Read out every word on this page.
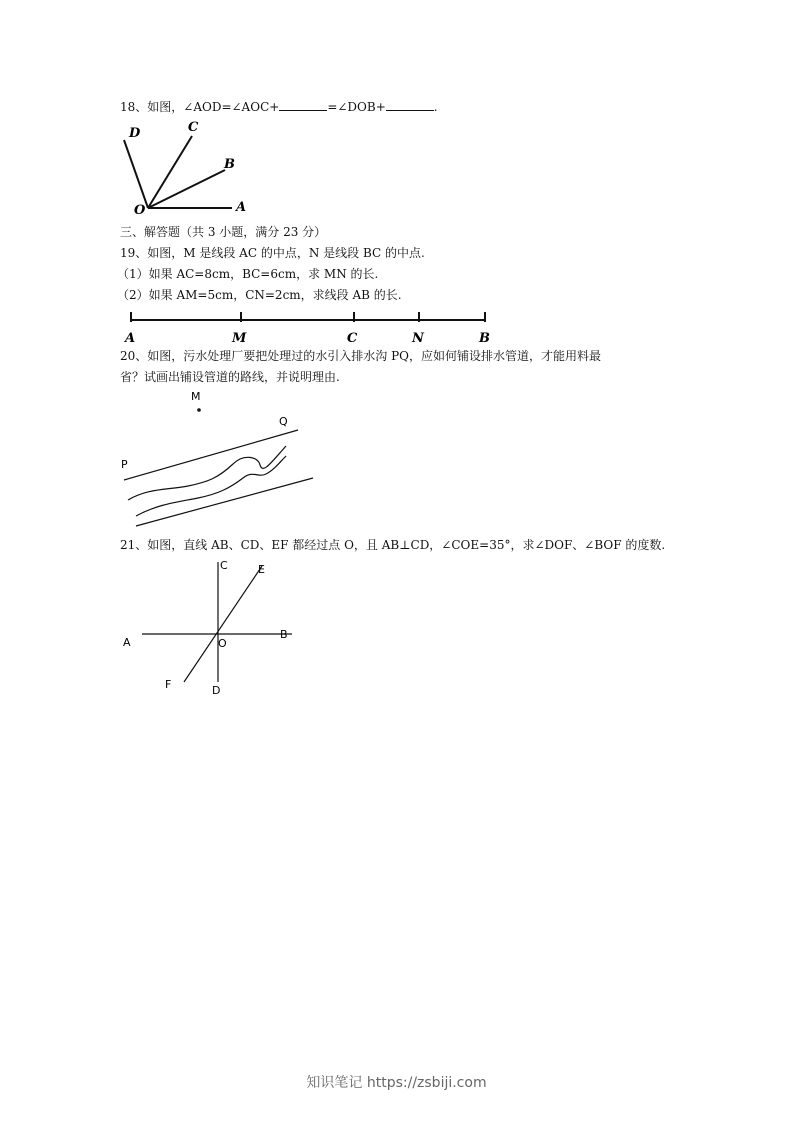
18、如图，∠AOD=∠AOC+	=∠DOB+	.
D	C
B
O	A
三、解答题（共 3 小题，满分 23 分）
19、如图，M 是线段 AC 的中点，N 是线段 BC 的中点.
（1）如果 AC=8cm，BC=6cm，求 MN 的长.
（2）如果 AM=5cm，CN=2cm，求线段 AB 的长.
A	M	C	N	B
20、如图，污水处理厂要把处理过的水引入排水沟 PQ，应如何铺设排水管道，才能用料最
省？试画出铺设管道的路线，并说明理由.
M
Q
P
21、如图，直线 AB、CD、EF 都经过点 O，且 AB⊥CD，∠COE=35°，求∠DOF、∠BOF 的度数.
C	E
A	O
B
F	D
知识笔记 https://zsbiji.com
